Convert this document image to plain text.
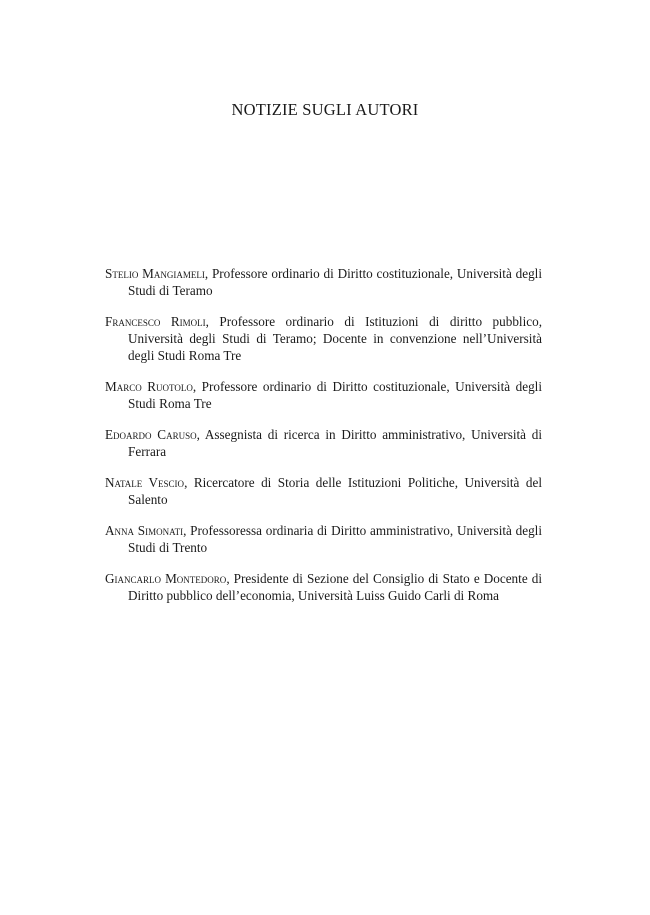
NOTIZIE SUGLI AUTORI
Stelio Mangiameli, Professore ordinario di Diritto costituzionale, Università degli Studi di Teramo
Francesco Rimoli, Professore ordinario di Istituzioni di diritto pubblico, Università degli Studi di Teramo; Docente in convenzione nell’Università degli Studi Roma Tre
Marco Ruotolo, Professore ordinario di Diritto costituzionale, Università degli Studi Roma Tre
Edoardo Caruso, Assegnista di ricerca in Diritto amministrativo, Università di Ferrara
Natale Vescio, Ricercatore di Storia delle Istituzioni Politiche, Università del Salento
Anna Simonati, Professoressa ordinaria di Diritto amministrativo, Università degli Studi di Trento
Giancarlo Montedoro, Presidente di Sezione del Consiglio di Stato e Docente di Diritto pubblico dell’economia, Università Luiss Guido Carli di Roma
